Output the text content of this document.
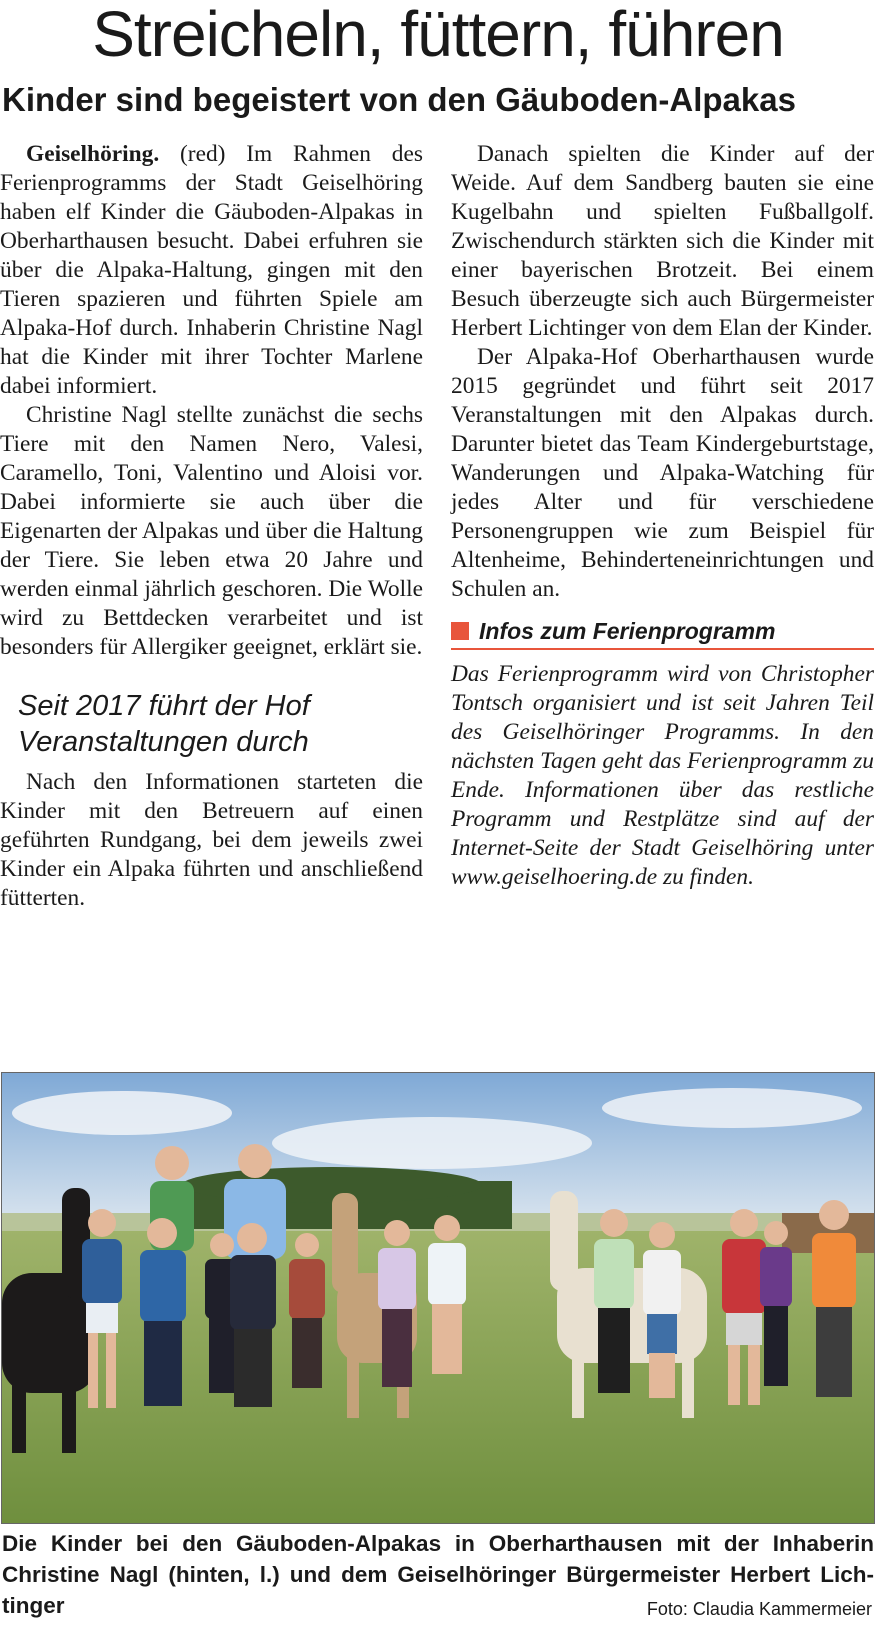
Streicheln, füttern, führen
Kinder sind begeistert von den Gäuboden-Alpakas

Geiselhöring. (red) Im Rahmen des Ferienprogramms der Stadt Geiselhöring haben elf Kinder die Gäuboden-Alpakas in Oberharthausen besucht. Dabei erfuhren sie über die Alpaka-Haltung, gingen mit den Tieren spazieren und führten Spiele am Alpaka-Hof durch. Inhaberin Christine Nagl hat die Kinder mit ihrer Tochter Marlene dabei informiert.

Christine Nagl stellte zunächst die sechs Tiere mit den Namen Nero, Valesi, Caramello, Toni, Valentino und Aloisi vor. Dabei informierte sie auch über die Eigenarten der Alpakas und über die Haltung der Tiere. Sie leben etwa 20 Jahre und werden einmal jährlich geschoren. Die Wolle wird zu Bettdecken verarbeitet und ist besonders für Allergiker geeignet, erklärt sie.

Seit 2017 führt der Hof Veranstaltungen durch

Nach den Informationen starteten die Kinder mit den Betreuern auf einen geführten Rundgang, bei dem jeweils zwei Kinder ein Alpaka führten und anschließend fütterten.

Danach spielten die Kinder auf der Weide. Auf dem Sandberg bauten sie eine Kugelbahn und spielten Fußballgolf. Zwischendurch stärkten sich die Kinder mit einer bayerischen Brotzeit. Bei einem Besuch überzeugte sich auch Bürgermeister Herbert Lichtinger von dem Elan der Kinder.

Der Alpaka-Hof Oberharthausen wurde 2015 gegründet und führt seit 2017 Veranstaltungen mit den Alpakas durch. Darunter bietet das Team Kindergeburtstage, Wanderungen und Alpaka-Watching für jedes Alter und für verschiedene Personengruppen wie zum Beispiel für Altenheime, Behinderteneinrichtungen und Schulen an.

Infos zum Ferienprogramm

Das Ferienprogramm wird von Christopher Tontsch organisiert und ist seit Jahren Teil des Geiselhöringer Programms. In den nächsten Tagen geht das Ferienprogramm zu Ende. Informationen über das restliche Programm und Restplätze sind auf der Internet-Seite der Stadt Geiselhöring unter www.geiselhoering.de zu finden.

Die Kinder bei den Gäuboden-Alpakas in Oberharthausen mit der Inhaberin Christine Nagl (hinten, l.) und dem Geiselhöringer Bürgermeister Herbert Lichtinger	Foto: Claudia Kammermeier
